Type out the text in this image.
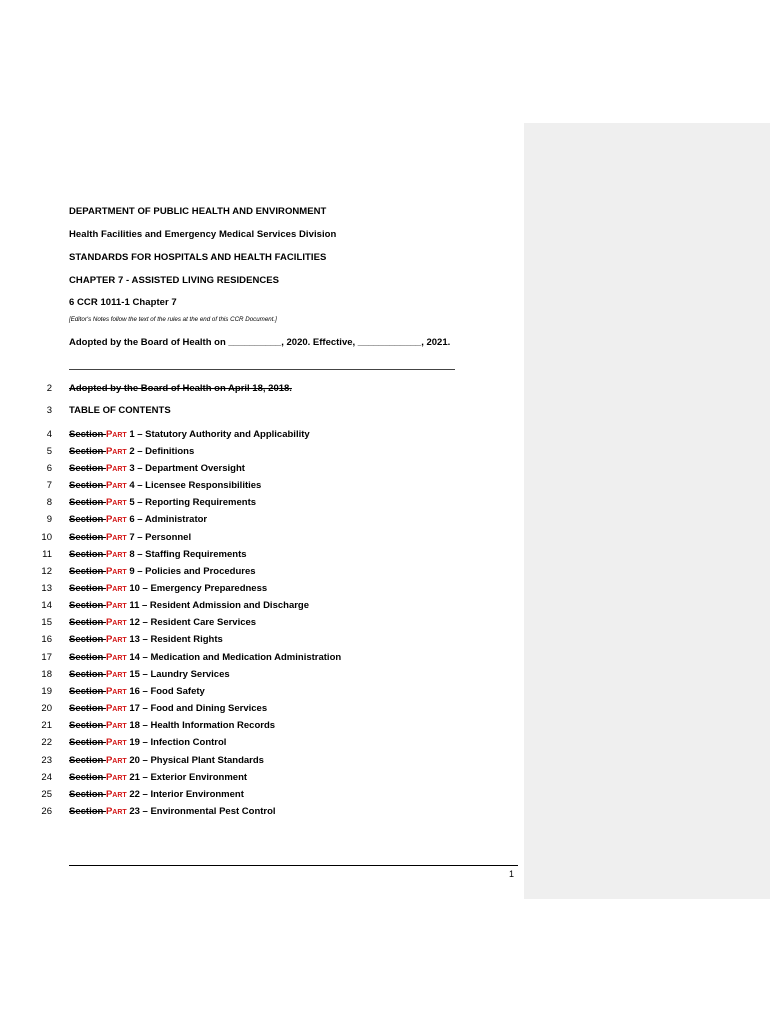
DEPARTMENT OF PUBLIC HEALTH AND ENVIRONMENT
Health Facilities and Emergency Medical Services Division
STANDARDS FOR HOSPITALS AND HEALTH FACILITIES
CHAPTER 7 - ASSISTED LIVING RESIDENCES
6 CCR 1011-1 Chapter 7
[Editor's Notes follow the text of the rules at the end of this CCR Document.]
Adopted by the Board of Health on __________, 2020. Effective, ____________, 2021.
2 Adopted by the Board of Health on April 18, 2018.
3 TABLE OF CONTENTS
4 Section Part 1 – Statutory Authority and Applicability
5 Section Part 2 – Definitions
6 Section Part 3 – Department Oversight
7 Section Part 4 – Licensee Responsibilities
8 Section Part 5 – Reporting Requirements
9 Section Part 6 – Administrator
10 Section Part 7 – Personnel
11 Section Part 8 – Staffing Requirements
12 Section Part 9 – Policies and Procedures
13 Section Part 10 – Emergency Preparedness
14 Section Part 11 – Resident Admission and Discharge
15 Section Part 12 – Resident Care Services
16 Section Part 13 – Resident Rights
17 Section Part 14 – Medication and Medication Administration
18 Section Part 15 – Laundry Services
19 Section Part 16 – Food Safety
20 Section Part 17 – Food and Dining Services
21 Section Part 18 – Health Information Records
22 Section Part 19 – Infection Control
23 Section Part 20 – Physical Plant Standards
24 Section Part 21 – Exterior Environment
25 Section Part 22 – Interior Environment
26 Section Part 23 – Environmental Pest Control
1
